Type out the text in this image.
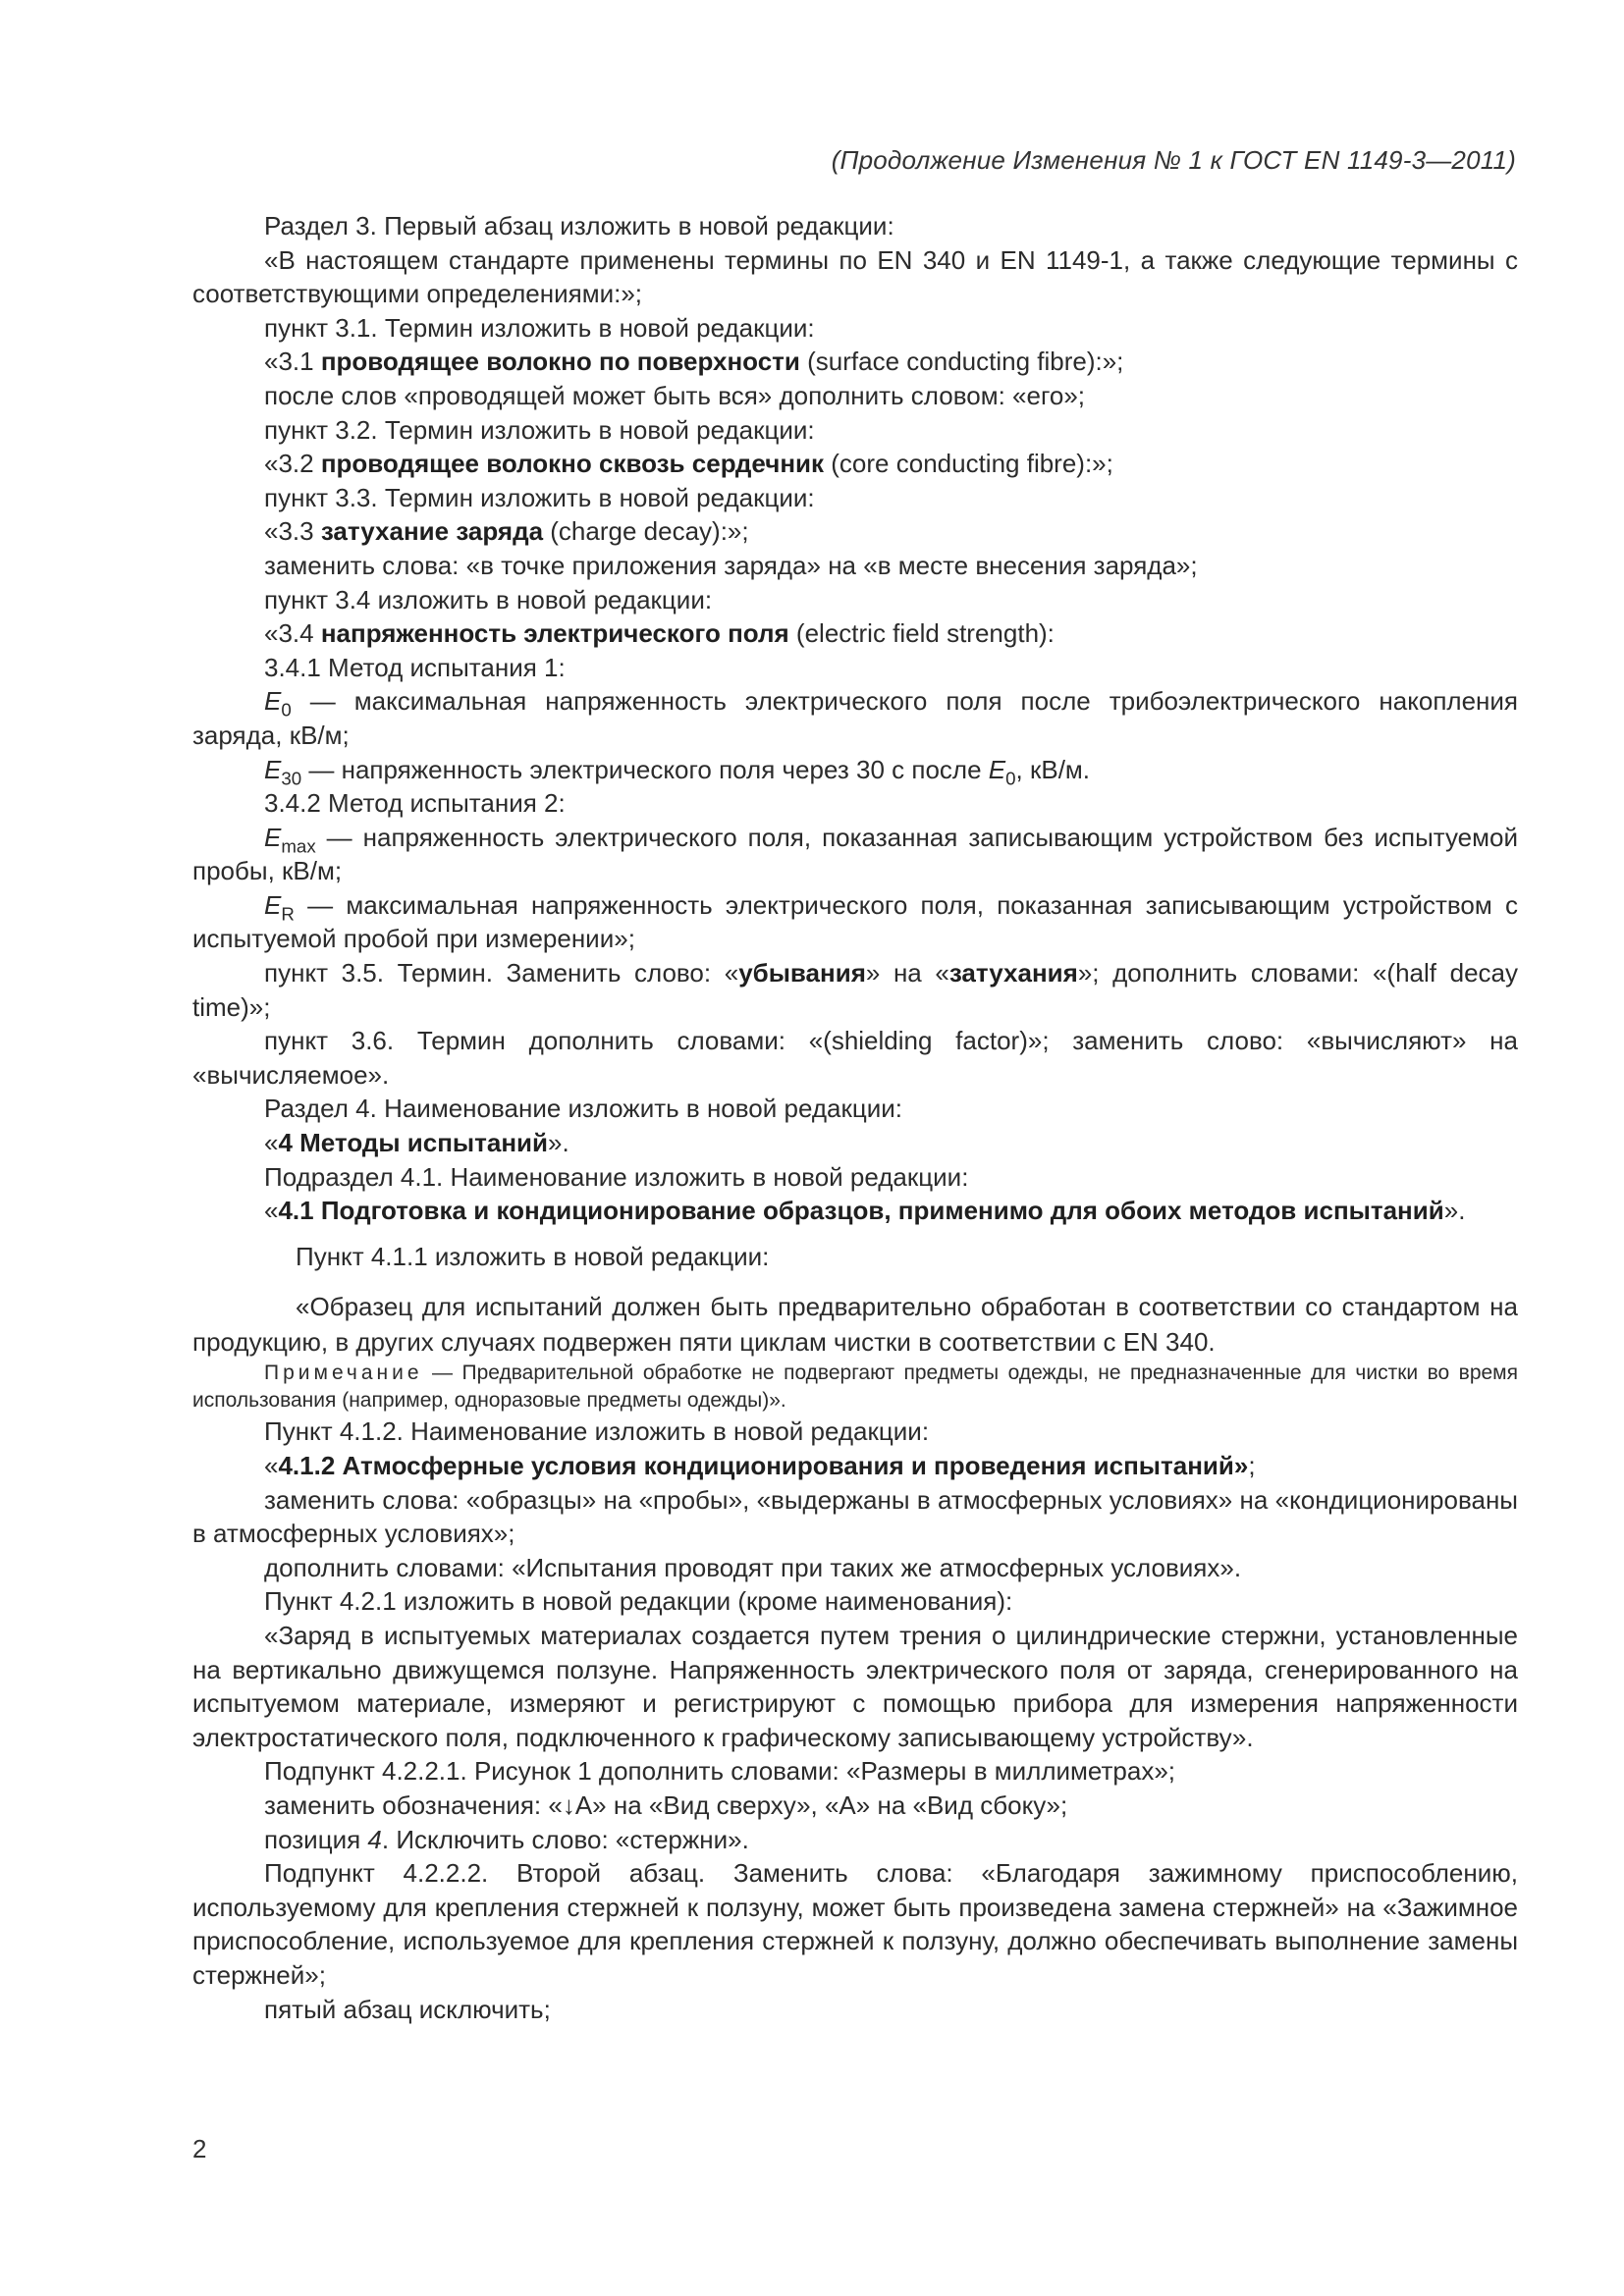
(Продолжение Изменения № 1 к ГОСТ EN 1149-3—2011)

Раздел 3. Первый абзац изложить в новой редакции:

«В настоящем стандарте применены термины по EN 340 и EN 1149-1, а также следующие термины с соответствующими определениями:»;

пункт 3.1. Термин изложить в новой редакции:

«3.1 проводящее волокно по поверхности (surface conducting fibre):»;

после слов «проводящей может быть вся» дополнить словом: «его»;

пункт 3.2. Термин изложить в новой редакции:

«3.2 проводящее волокно сквозь сердечник (core conducting fibre):»;

пункт 3.3. Термин изложить в новой редакции:

«3.3 затухание заряда (charge decay):»;

заменить слова: «в точке приложения заряда» на «в месте внесения заряда»;

пункт 3.4 изложить в новой редакции:

«3.4 напряженность электрического поля (electric field strength):

3.4.1 Метод испытания 1:

$E_0$ — максимальная напряженность электрического поля после трибоэлектрического накопления заряда, кВ/м;

$E_{30}$ — напряженность электрического поля через 30 с после $E_0$, кВ/м.

3.4.2 Метод испытания 2:

$E_{max}$ — напряженность электрического поля, показанная записывающим устройством без испытуемой пробы, кВ/м;

$E_R$ — максимальная напряженность электрического поля, показанная записывающим устройством с испытуемой пробой при измерении»;

пункт 3.5. Термин. Заменить слово: «убывания» на «затухания»; дополнить словами: «(half decay time)»;

пункт 3.6. Термин дополнить словами: «(shielding factor)»; заменить слово: «вычисляют» на «вычисляемое».

Раздел 4. Наименование изложить в новой редакции:

«4 Методы испытаний».

Подраздел 4.1. Наименование изложить в новой редакции:

«4.1 Подготовка и кондиционирование образцов, применимо для обоих методов испытаний».

Пункт 4.1.1 изложить в новой редакции:

«Образец для испытаний должен быть предварительно обработан в соответствии со стандартом на продукцию, в других случаях подвержен пяти циклам чистки в соответствии с EN 340.

Примечание — Предварительной обработке не подвергают предметы одежды, не предназначенные для чистки во время использования (например, одноразовые предметы одежды)».

Пункт 4.1.2. Наименование изложить в новой редакции:

«4.1.2 Атмосферные условия кондиционирования и проведения испытаний»;

заменить слова: «образцы» на «пробы», «выдержаны в атмосферных условиях» на «кондиционированы в атмосферных условиях»;

дополнить словами: «Испытания проводят при таких же атмосферных условиях».

Пункт 4.2.1 изложить в новой редакции (кроме наименования):

«Заряд в испытуемых материалах создается путем трения о цилиндрические стержни, установленные на вертикально движущемся ползуне. Напряженность электрического поля от заряда, сгенерированного на испытуемом материале, измеряют и регистрируют с помощью прибора для измерения напряженности электростатического поля, подключенного к графическому записывающему устройству».

Подпункт 4.2.2.1. Рисунок 1 дополнить словами: «Размеры в миллиметрах»;

заменить обозначения: «↓А» на «Вид сверху», «А» на «Вид сбоку»;

позиция 4. Исключить слово: «стержни».

Подпункт 4.2.2.2. Второй абзац. Заменить слова: «Благодаря зажимному приспособлению, используемому для крепления стержней к ползуну, может быть произведена замена стержней» на «Зажимное приспособление, используемое для крепления стержней к ползуну, должно обеспечивать выполнение замены стержней»;

пятый абзац исключить;

2
